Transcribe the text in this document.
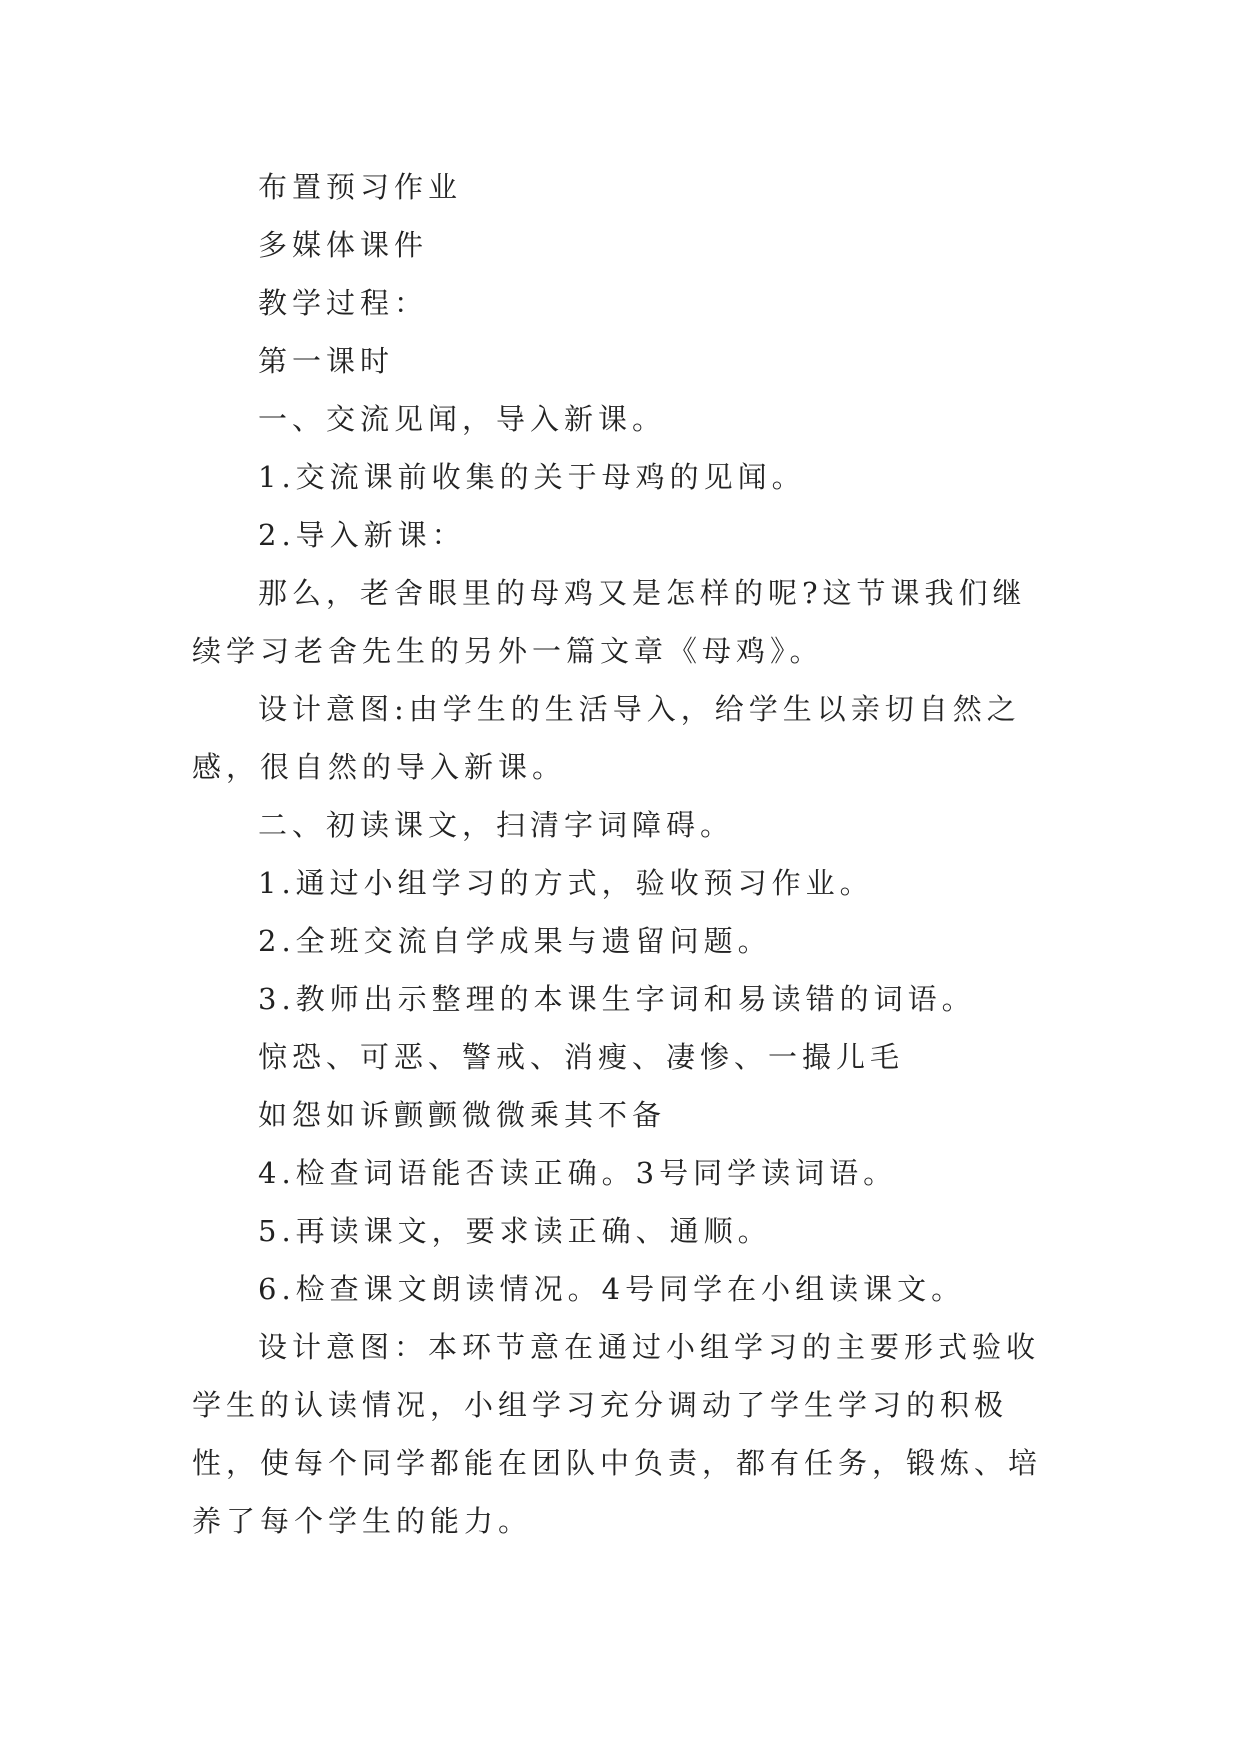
布置预习作业

多媒体课件

教学过程：

第一课时

一、交流见闻，导入新课。

1.交流课前收集的关于母鸡的见闻。

2.导入新课：

那么，老舍眼里的母鸡又是怎样的呢?这节课我们继续学习老舍先生的另外一篇文章《母鸡》。

设计意图:由学生的生活导入，给学生以亲切自然之感，很自然的导入新课。

二、初读课文，扫清字词障碍。

1.通过小组学习的方式，验收预习作业。

2.全班交流自学成果与遗留问题。

3.教师出示整理的本课生字词和易读错的词语。

惊恐、可恶、警戒、消瘦、凄惨、一撮儿毛

如怨如诉颤颤微微乘其不备

4.检查词语能否读正确。3号同学读词语。

5.再读课文，要求读正确、通顺。

6.检查课文朗读情况。4号同学在小组读课文。

设计意图：本环节意在通过小组学习的主要形式验收学生的认读情况，小组学习充分调动了学生学习的积极性，使每个同学都能在团队中负责，都有任务，锻炼、培养了每个学生的能力。
